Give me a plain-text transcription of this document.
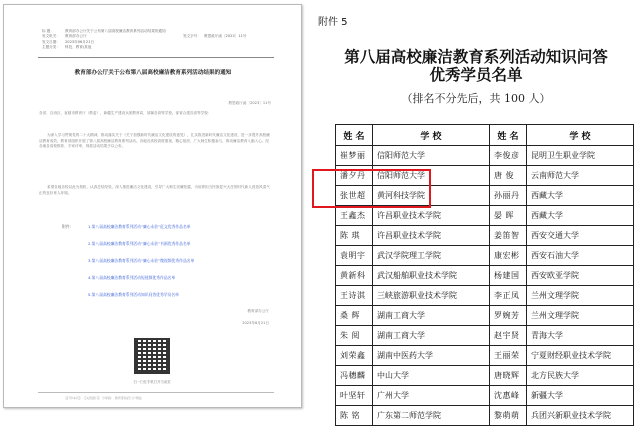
标 题：	教育部办公厅关于公布第八届高校廉洁教育系列活动结果的通知
发文机关：	教育部办公厅	发文字号： 教思政厅函〔2023〕11号
发文日期：	2023年06月21日
主题分类：	科技、教育\其他
教育部办公厅关于公布第八届高校廉洁教育系列活动结果的通知
教思政厅函〔2023〕11号

各省、自治区、直辖市教育厅（教委），新疆生产建设兵团教育局，部属各高等学校，部省合建各高等学校：

为深入学习贯彻党的二十大精神，推动落实关于《关于加强新时代廉洁文化建设的意见》，扎实推进新时代廉洁文化建设，进一步提升高校廉洁教育成效，教育部组织开展了第八届高校廉洁教育系列活动。各地各高校高度重视，精心组织，广大师生积极参与，推动廉洁教育入脑入心。经各地各高校推荐、专家评审，现将活动结果予以公布。

希望各地各校以此为契机，认真总结经验，深入推进廉洁文化建设，引导广大师生崇廉拒腐，为培养担当民族复兴大任的时代新人营造风清气正的良好育人环境。

附件：	1.第八届高校廉洁教育系列活动“廉心永驻”征文优秀作品名单
2.第八届高校廉洁教育系列活动“廉心永驻”书画优秀作品名单
3.第八届高校廉洁教育系列活动“廉心永驻”微视频优秀作品名单
4.第八届高校廉洁教育系列活动短视频优秀作品名单
5.第八届高校廉洁教育系列活动知识问答优秀学员名单
教育部办公厅
2023年6月21日
扫一扫在手机打开当前页
【打印本页】 【关闭窗口】 分享到： 教育部政府门户网站
附件 5
第八届高校廉洁教育系列活动知识问答
优秀学员名单
（排名不分先后，共 100 人）
姓 名	学 校	姓 名	学 校
崔梦丽	信阳师范大学	李俊彦	昆明卫生职业学院
潘夕丹	信阳师范大学	唐 俊	云南师范大学
张世超	黄河科技学院	孙丽丹	西藏大学
王鑫杰	许昌职业技术学院	晏 晖	西藏大学
陈 琪	许昌职业技术学院	姜笛智	西安交通大学
袁明宇	武汉学院理工学院	康宏彬	西安石油大学
黄新科	武汉船舶职业技术学院	杨建国	西安欧亚学院
王诗淇	三峡旅游职业技术学院	李正凤	兰州文理学院
桑 辉	湖南工商大学	罗婉芳	兰州文理学院
朱 阅	湖南工商大学	赵宇贤	青海大学
刘荣鑫	湖南中医药大学	王丽荣	宁夏财经职业技术学院
冯穗麟	中山大学	唐晓辉	北方民族大学
叶坚轩	广州大学	沈惠峰	新疆大学
陈 铭	广东第二师范学院	黎萌萌	兵团兴新职业技术学院
